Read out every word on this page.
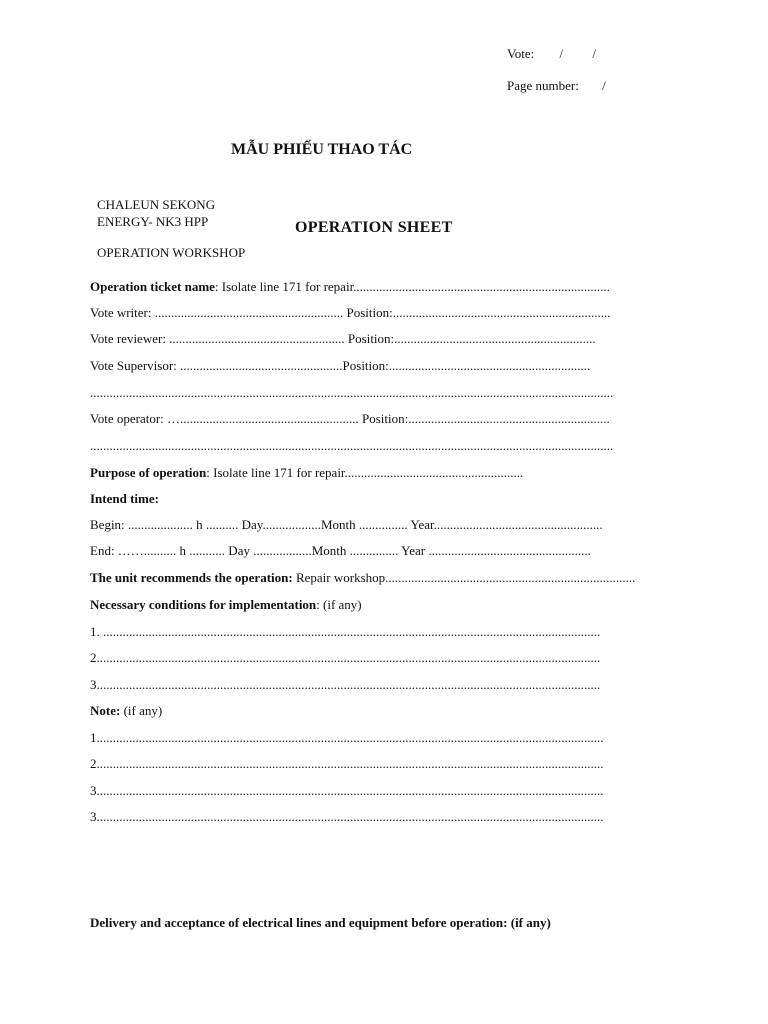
Vote: / /
Page number: /
MẪU PHIẾU THAO TÁC
CHALEUN SEKONG
ENERGY- NK3 HPP
OPERATION WORKSHOP
OPERATION SHEET
Operation ticket name: Isolate line 171 for repair...............................................................................
Vote writer: .......................................................... Position:...................................................................
Vote reviewer: ...................................................... Position:..............................................................
Vote Supervisor: ..................................................Position:..............................................................
.................................................................................................................................................................
Vote operator: …....................................................... Position:..............................................................
.................................................................................................................................................................
Purpose of operation: Isolate line 171 for repair.......................................................
Intend time:
Begin: .................... h .......... Day..................Month ............... Year....................................................
End: …….......... h ........... Day ..................Month ............... Year ..................................................
The unit recommends the operation: Repair workshop.............................................................................
Necessary conditions for implementation: (if any)
1. .........................................................................................................................................................
2...........................................................................................................................................................
3...........................................................................................................................................................
Note: (if any)
1............................................................................................................................................................
2............................................................................................................................................................
3............................................................................................................................................................
3............................................................................................................................................................
Delivery and acceptance of electrical lines and equipment before operation: (if any)
